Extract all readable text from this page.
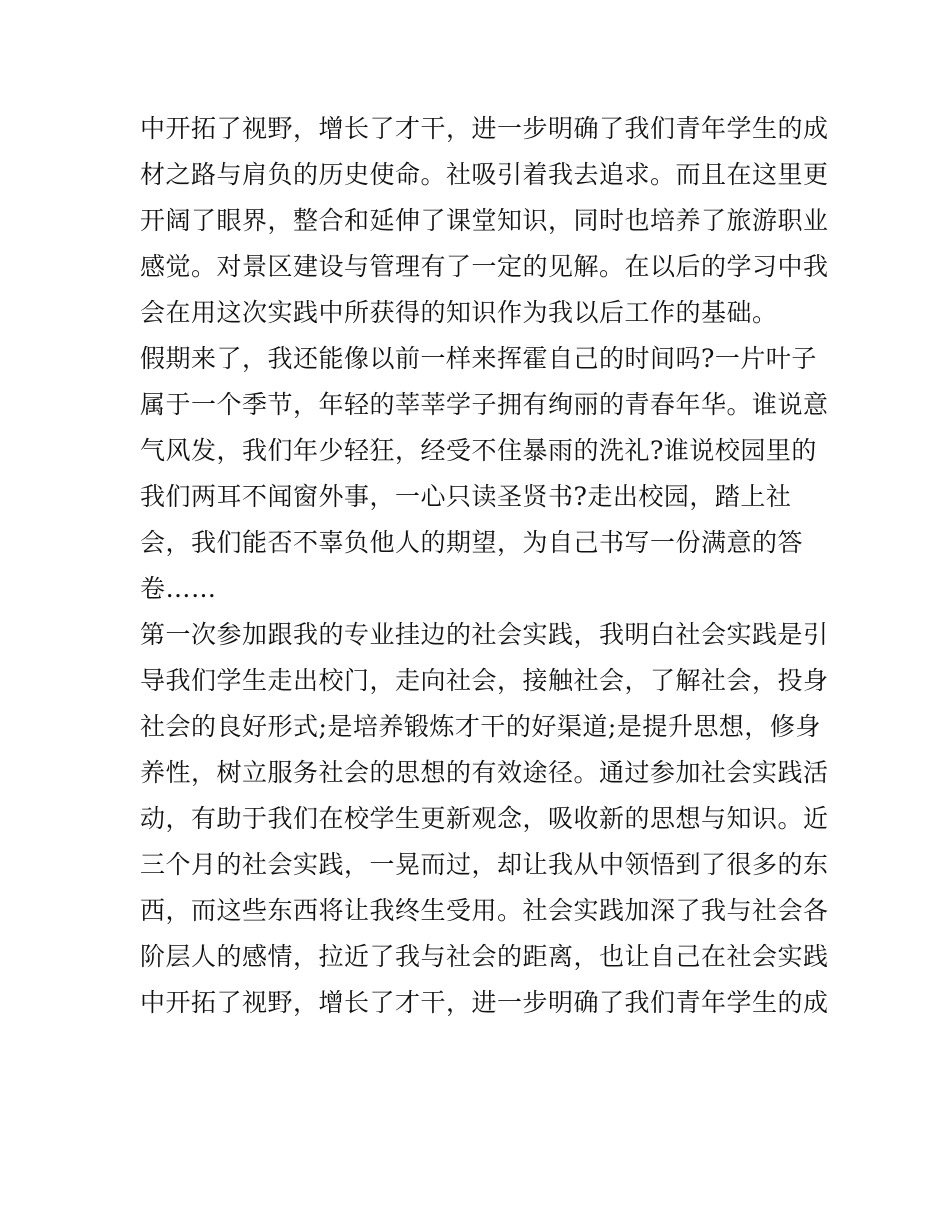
中开拓了视野，增长了才干，进一步明确了我们青年学生的成
材之路与肩负的历史使命。社吸引着我去追求。而且在这里更
开阔了眼界，整合和延伸了课堂知识，同时也培养了旅游职业
感觉。对景区建设与管理有了一定的见解。在以后的学习中我
会在用这次实践中所获得的知识作为我以后工作的基础。
假期来了，我还能像以前一样来挥霍自己的时间吗?一片叶子
属于一个季节，年轻的莘莘学子拥有绚丽的青春年华。谁说意
气风发，我们年少轻狂，经受不住暴雨的洗礼?谁说校园里的
我们两耳不闻窗外事，一心只读圣贤书?走出校园，踏上社
会，我们能否不辜负他人的期望，为自己书写一份满意的答
卷……
第一次参加跟我的专业挂边的社会实践，我明白社会实践是引
导我们学生走出校门，走向社会，接触社会，了解社会，投身
社会的良好形式;是培养锻炼才干的好渠道;是提升思想，修身
养性，树立服务社会的思想的有效途径。通过参加社会实践活
动，有助于我们在校学生更新观念，吸收新的思想与知识。近
三个月的社会实践，一晃而过，却让我从中领悟到了很多的东
西，而这些东西将让我终生受用。社会实践加深了我与社会各
阶层人的感情，拉近了我与社会的距离，也让自己在社会实践
中开拓了视野，增长了才干，进一步明确了我们青年学生的成
